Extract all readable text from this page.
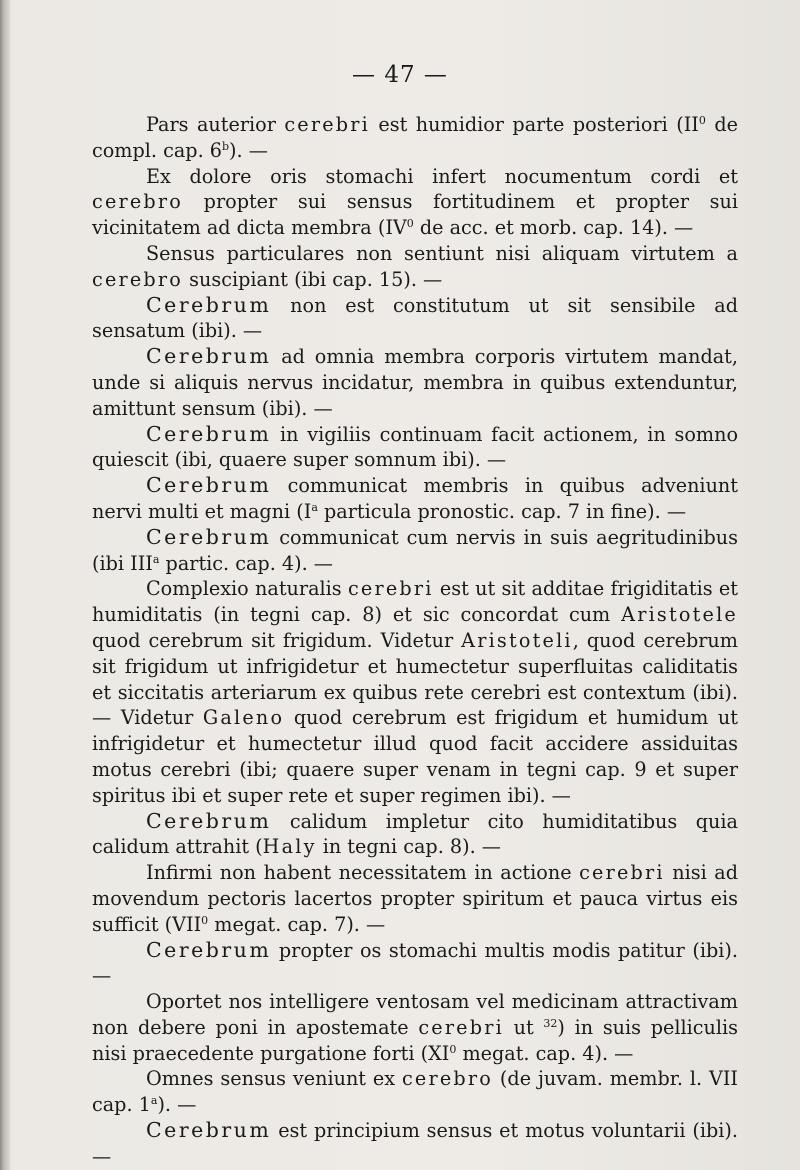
— 47 —

Pars auterior cerebri est humidior parte posteriori ($II^0$ de compl. cap. 6$^b$). —

Ex dolore oris stomachi infert nocumentum cordi et cerebro propter sui sensus fortitudinem et propter sui vicinitatem ad dicta membra ($IV^0$ de acc. et morb. cap. 14). —

Sensus particulares non sentiunt nisi aliquam virtutem a cerebro suscipiant (ibi cap. 15). —

Cerebrum non est constitutum ut sit sensibile ad sensatum (ibi). —

Cerebrum ad omnia membra corporis virtutem mandat, unde si aliquis nervus incidatur, membra in quibus extenduntur, amittunt sensum (ibi). —

Cerebrum in vigiliis continuam facit actionem, in somno quiescit (ibi, quaere super somnum ibi). —

Cerebrum communicat membris in quibus adveniunt nervi multi et magni ($I^a$ particula pronostic. cap. 7 in fine). —

Cerebrum communicat cum nervis in suis aegritudinibus (ibi III$^a$ partic. cap. 4). —

Complexio naturalis cerebri est ut sit additae frigiditatis et humiditatis (in tegni cap. 8) et sic concordat cum Aristotele quod cerebrum sit frigidum. Videtur Aristoteli, quod cerebrum sit frigidum ut infrigidetur et humectetur superfluitas caliditatis et siccitatis arteriarum ex quibus rete cerebri est contextum (ibi). — Videtur Galeno quod cerebrum est frigidum et humidum ut infrigidetur et humectetur illud quod facit accidere assiduitas motus cerebri (ibi; quaere super venam in tegni cap. 9 et super spiritus ibi et super rete et super regimen ibi). —

Cerebrum calidum impletur cito humiditatibus quia calidum attrahit (Haly in tegni cap. 8). —

Infirmi non habent necessitatem in actione cerebri nisi ad movendum pectoris lacertos propter spiritum et pauca virtus eis sufficit (VII$^0$ megat. cap. 7). —

Cerebrum propter os stomachi multis modis patitur (ibi). —

Oportet nos intelligere ventosam vel medicinam attractivam non debere poni in apostemate cerebri ut $^{32}$) in suis pelliculis nisi praecedente purgatione forti ($XI^0$ megat. cap. 4). —

Omnes sensus veniunt ex cerebro (de juvam. membr. l. VII cap. 1$^a$). —

Cerebrum est principium sensus et motus voluntarii (ibi). —
